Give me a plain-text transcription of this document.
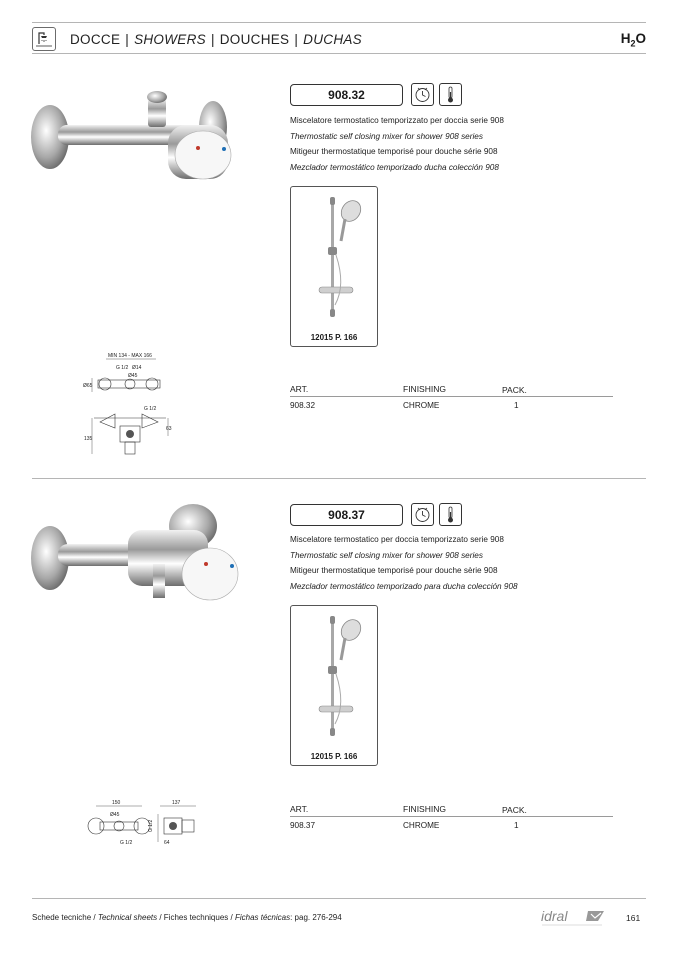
DOCCE | SHOWERS | DOUCHES | DUCHAS	$H_2O$
MIN 134 - MAX 166
G 1/2 Ø14
Ø45
Ø65
G 1/2
135
63
908.32
Miscelatore termostatico temporizzato per doccia serie 908
Thermostatic self closing mixer for shower 908 series
Mitigeur thermostatique temporisé pour douche série 908
Mezclador termostático temporizado ducha colección 908
12015 P. 166
ART.	FINISHING	PACK.
908.32	CHROME	1
150	137
Ø45
G 1/2
G 1/2
64
908.37
Miscelatore termostatico per doccia temporizzato serie 908
Thermostatic self closing mixer for shower 908 series
Mitigeur thermostatique temporisé pour douche sèrie 908
Mezclador termostático temporizado para ducha colección 908
12015 P. 166
ART.	FINISHING	PACK.
908.37	CHROME	1
Schede tecniche / Technical sheets / Fiches techniques / Fichas técnicas: pag. 276-294	idral	161
